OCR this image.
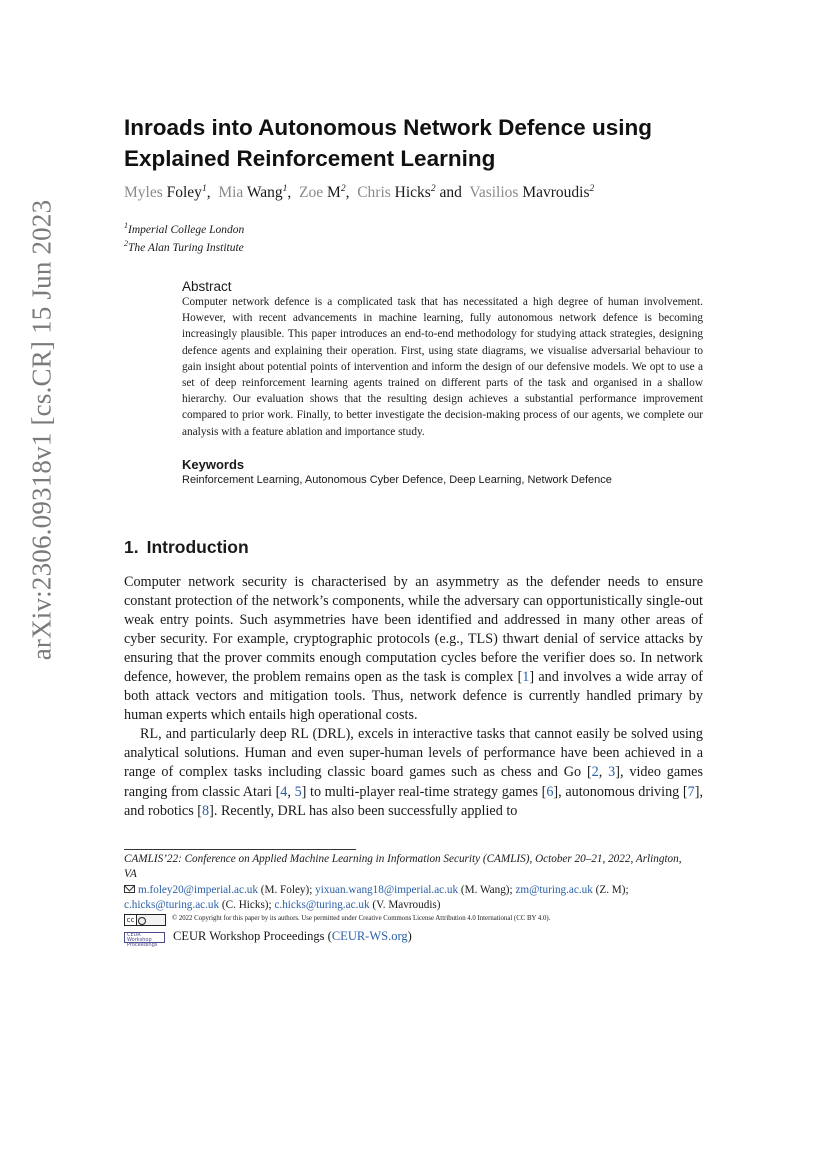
arXiv:2306.09318v1 [cs.CR] 15 Jun 2023
Inroads into Autonomous Network Defence using
Explained Reinforcement Learning
Myles Foley$^1$,  Mia Wang$^1$,  Zoe $M^2$,  Chris Hicks$^2$ and Vasilios Mavroudis$^2$
$^1$Imperial College London
$^2$The Alan Turing Institute
Abstract
Computer network defence is a complicated task that has necessitated a high degree of human involvement. However, with recent advancements in machine learning, fully autonomous network defence is becoming increasingly plausible. This paper introduces an end-to-end methodology for studying attack strategies, designing defence agents and explaining their operation. First, using state diagrams, we visualise adversarial behaviour to gain insight about potential points of intervention and inform the design of our defensive models. We opt to use a set of deep reinforcement learning agents trained on different parts of the task and organised in a shallow hierarchy. Our evaluation shows that the resulting design achieves a substantial performance improvement compared to prior work. Finally, to better investigate the decision-making process of our agents, we complete our analysis with a feature ablation and importance study.
Keywords
Reinforcement Learning, Autonomous Cyber Defence, Deep Learning, Network Defence
1. Introduction

Computer network security is characterised by an asymmetry as the defender needs to ensure constant protection of the network’s components, while the adversary can opportunistically single-out weak entry points. Such asymmetries have been identified and addressed in many other areas of cyber security. For example, cryptographic protocols (e.g., TLS) thwart denial of service attacks by ensuring that the prover commits enough computation cycles before the verifier does so. In network defence, however, the problem remains open as the task is complex [1] and involves a wide array of both attack vectors and mitigation tools. Thus, network defence is currently handled primary by human experts which entails high operational costs.

RL, and particularly deep RL (DRL), excels in interactive tasks that cannot easily be solved using analytical solutions. Human and even super-human levels of performance have been achieved in a range of complex tasks including classic board games such as chess and Go [2, 3], video games ranging from classic Atari [4, 5] to multi-player real-time strategy games [6], autonomous driving [7], and robotics [8]. Recently, DRL has also been successfully applied to

CAMLIS’22: Conference on Applied Machine Learning in Information Security (CAMLIS), October 20–21, 2022, Arlington, VA
m.foley20@imperial.ac.uk (M. Foley); yixuan.wang18@imperial.ac.uk (M. Wang); zm@turing.ac.uk (Z. M);
c.hicks@turing.ac.uk (C. Hicks); c.hicks@turing.ac.uk (V. Mavroudis)
cc	© 2022 Copyright for this paper by its authors. Use permitted under Creative Commons License Attribution 4.0 International (CC BY 4.0).
CEUR Workshop Proceedings
CEUR Workshop Proceedings (CEUR-WS.org)
